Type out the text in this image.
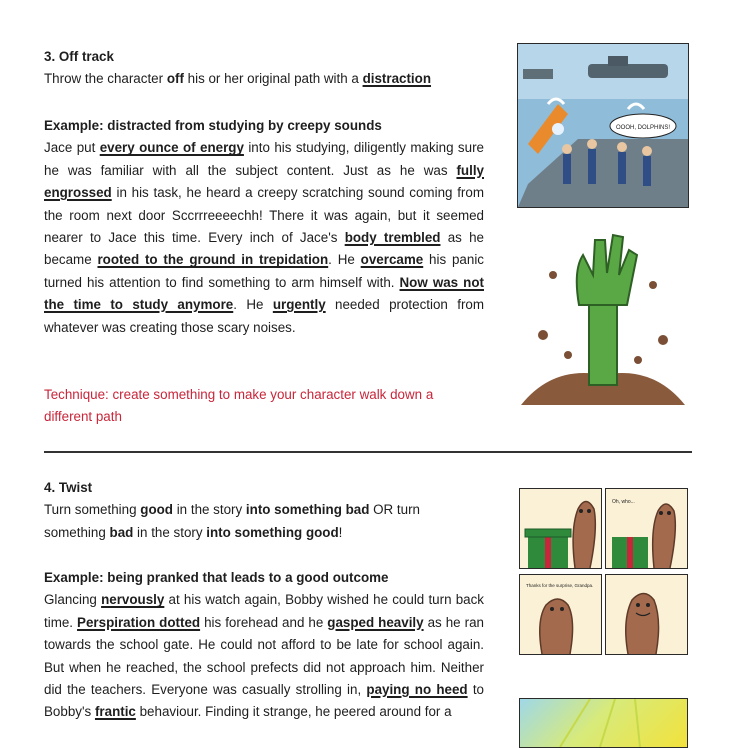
3. Off track

Throw the character off his or her original path with a distraction

Example: distracted from studying by creepy sounds

Jace put every ounce of energy into his studying, diligently making sure he was familiar with all the subject content. Just as he was fully engrossed in his task, he heard a creepy scratching sound coming from the room next door Sccrrreeeechh! There it was again, but it seemed nearer to Jace this time. Every inch of Jace's body trembled as he became rooted to the ground in trepidation. He overcame his panic turned his attention to find something to arm himself with. Now was not the time to study anymore. He urgently needed protection from whatever was creating those scary noises.

Technique: create something to make your character walk down a different path
OOOH, DOLPHINS!
4. Twist

Turn something good in the story into something bad OR turn something bad in the story into something good!

Example: being pranked that leads to a good outcome

Glancing nervously at his watch again, Bobby wished he could turn back time. Perspiration dotted his forehead and he gasped heavily as he ran towards the school gate. He could not afford to be late for school again. But when he reached, the school prefects did not approach him. Neither did the teachers. Everyone was casually strolling in, paying no heed to Bobby's frantic behaviour. Finding it strange, he peered around for a

Oh, who...
Thanks for the surprise, Grandpa.
